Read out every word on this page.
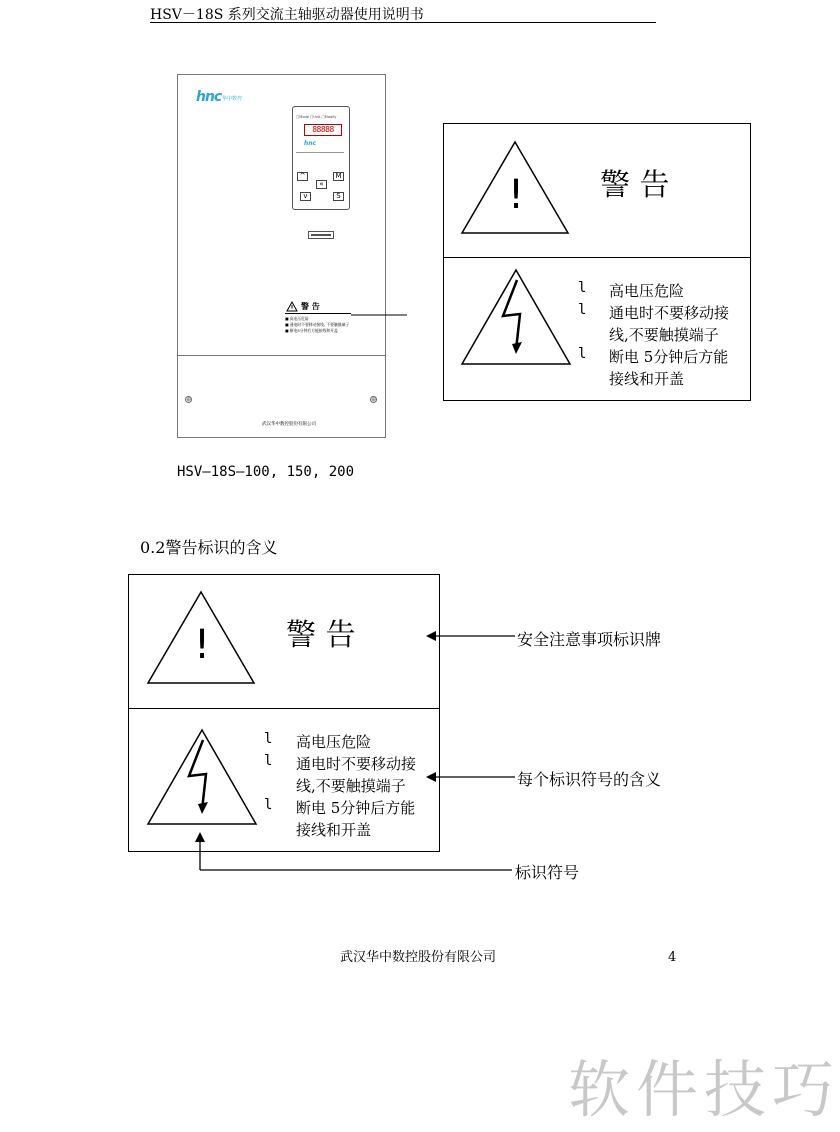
HSV－18S 系列交流主轴驱动器使用说明书
hnc 华中数控
□Mode □Unit □Modify
88888
hnc
^
«
M
v	S
警 告
■ 高电压危险
■ 通电时不要移动接线, 不要触摸端子
■ 断电5分钟后方能接线和开盖
⊕	⊕
武汉华中数控股份有限公司
HSV—18S—100, 150, 200
!	警 告
l 高电压危险
l 通电时不要移动接
线,不要触摸端子
l 断电 5分钟后方能
接线和开盖
0.2警告标识的含义
!	警 告
l 高电压危险
l 通电时不要移动接
线,不要触摸端子
l 断电 5分钟后方能
接线和开盖
安全注意事项标识牌
每个标识符号的含义
标识符号
武汉华中数控股份有限公司	4
软件技巧
